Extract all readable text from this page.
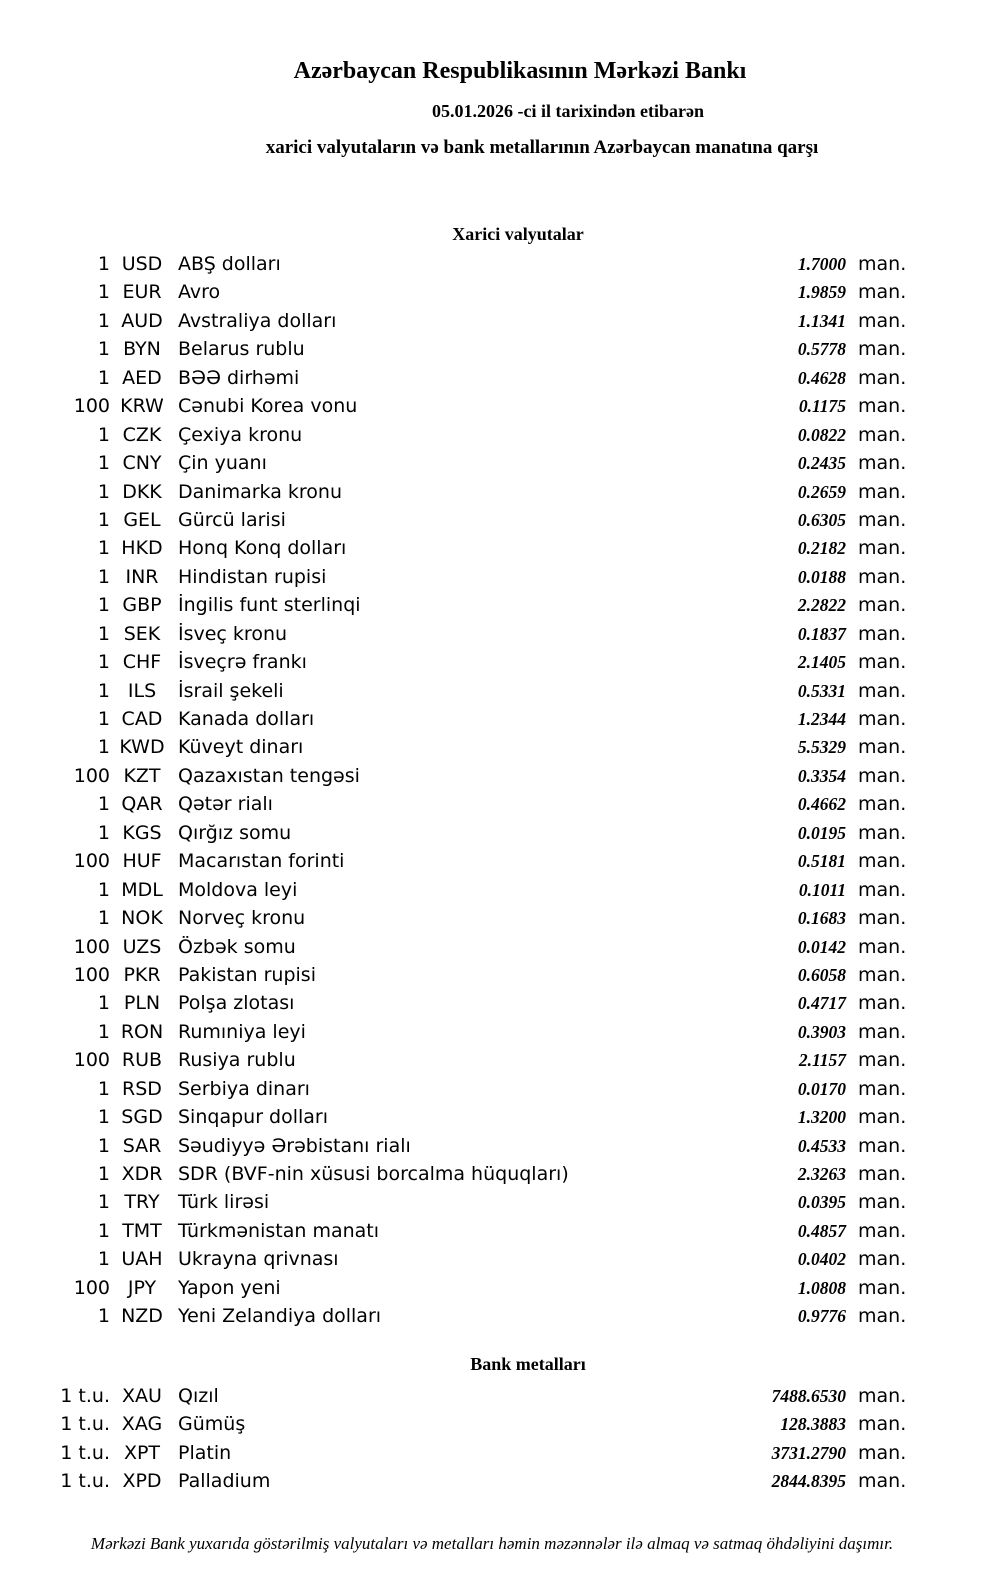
Azərbaycan Respublikasının Mərkəzi Bankı
05.01.2026 -ci il tarixindən etibarən
xarici valyutaların və bank metallarının Azərbaycan manatına qarşı
Xarici valyutalar
1 USD ABŞ dolları	1.7000 man.
1 EUR Avro	1.9859 man.
1 AUD Avstraliya dolları	1.1341 man.
1 BYN Belarus rublu	0.5778 man.
1 AED BƏƏ dirhəmi	0.4628 man.
100 KRW Cənubi Korea vonu	0.1175 man.
1 CZK Çexiya kronu	0.0822 man.
1 CNY Çin yuanı	0.2435 man.
1 DKK Danimarka kronu	0.2659 man.
1 GEL Gürcü larisi	0.6305 man.
1 HKD Honq Konq dolları	0.2182 man.
1 INR	Hindistan rupisi	0.0188 man.
1 GBP İngilis funt sterlinqi	2.2822 man.
1 SEK İsveç kronu	0.1837 man.
1 CHF İsveçrə frankı	2.1405 man.
1 ILS	İsrail şekeli	0.5331 man.
1 CAD Kanada dolları	1.2344 man.
1 KWD Küveyt dinarı	5.5329 man.
100 KZT Qazaxıstan tengəsi	0.3354 man.
1 QAR Qətər rialı	0.4662 man.
1 KGS Qırğız somu	0.0195 man.
100 HUF Macarıstan forinti	0.5181 man.
1 MDL Moldova leyi	0.1011 man.
1 NOK Norveç kronu	0.1683 man.
100 UZS Özbək somu	0.0142 man.
100 PKR Pakistan rupisi	0.6058 man.
1 PLN Polşa zlotası	0.4717 man.
1 RON Rumıniya leyi	0.3903 man.
100 RUB Rusiya rublu	2.1157 man.
1 RSD Serbiya dinarı	0.0170 man.
1 SGD Sinqapur dolları	1.3200 man.
1 SAR Səudiyyə Ərəbistanı rialı	0.4533 man.
1 XDR SDR (BVF-nin xüsusi borcalma hüquqları)	2.3263 man.
1 TRY Türk lirəsi	0.0395 man.
1 TMT Türkmənistan manatı	0.4857 man.
1 UAH Ukrayna qrivnası	0.0402 man.
100 JPY	Yapon yeni	1.0808 man.
1 NZD Yeni Zelandiya dolları	0.9776 man.
Bank metalları
1 t.u. XAU Qızıl	7488.6530 man.
1 t.u. XAG Gümüş	128.3883 man.
1 t.u. XPT Platin	3731.2790 man.
1 t.u. XPD Palladium	2844.8395 man.
Mərkəzi Bank yuxarıda göstərilmiş valyutaları və metalları həmin məzənnələr ilə almaq və satmaq öhdəliyini daşımır.
